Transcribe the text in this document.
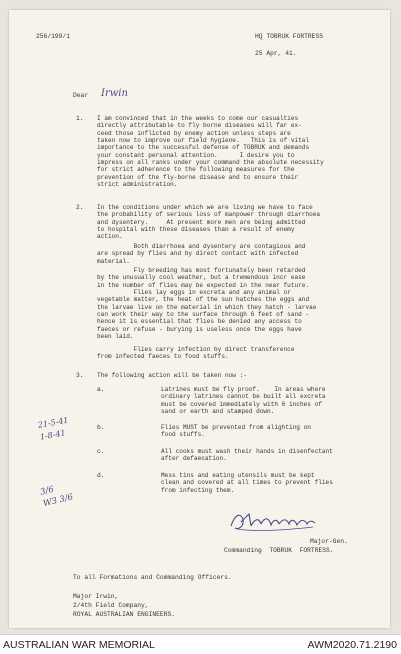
256/199/1	HQ TOBRUK FORTRESS

25 Apr, 41.

Dear Irwin

1. I am convinced that in the weeks to come our casualties
directly attributable to fly borne diseases will far ex-
ceed those inflicted by enemy action unless steps are
taken now to improve our field hygiene.   This is of vital
importance to the successful defense of TOBRUK and demands
your constant personal attention.      I desire you to
impress on all ranks under your command the absolute necessity
for strict adherence to the following measures for the
prevention of the fly-borne disease and to ensure their
strict administration.

2. In the conditions under which we are living we have to face
the probability of serious loss of manpower through diarrhoea
and dysentery.     At present more men are being admitted
to hospital with these diseases than a result of enemy
action.

Both diarrhoea and dysentery are contagious and
are spread by flies and by direct contact with infected
material.

Fly breeding has most fortunately been retarded
by the unusually cool weather, but a tremendous incr ease
in the number of flies may be expected in the near future.
Flies lay eggs in excreta and any animal or
vegetable matter, the heat of the sun hatches the eggs and
the larvae live on the material in which they hatch - larvae
can work their way to the surface through 6 feet of sand -
hence it is essential that flies be denied any access to
faeces or refuse - burying is useless once the eggs have
been laid.

Flies carry infection by direct transference
from infected faeces to food stuffs.

3. The following action will be taken now :-

a.	Latrines must be fly proof.    In areas where
ordinary latrines cannot be built all excreta
must be covered immediately with 6 inches of
sand or earth and stamped down.

b.	Flies MUST be prevented from alighting on
food stuffs.

c.	All cooks must wash their hands in disenfectant
after defaecation.

d.	Mess tins and eating utensils must be kept
clean and covered at all times to prevent flies
from infecting them.

21-5-41
1-8-41

3/6
W3 3/6

Major-Gen.

Commanding  TOBRUK  FORTRESS.

To all Formations and Commanding Officers.

Major Irwin,

2/4th Field Company,

ROYAL AUSTRALIAN ENGINEERS.

AUSTRALIAN WAR MEMORIAL	AWM2020.71.2190
